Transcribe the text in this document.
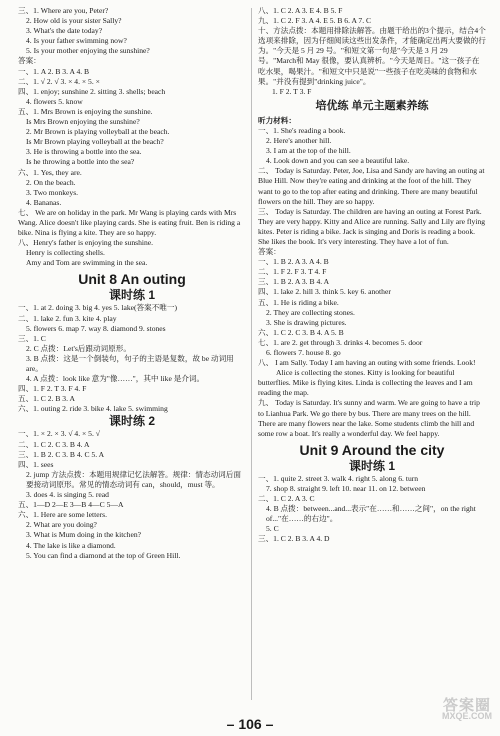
三、1. Where are you, Peter?
2. How old is your sister Sally?
3. What's the date today?
4. Is your father swimming now?
5. Is your mother enjoying the sunshine?
答案：
一、1. A 2. B 3. A 4. B
二、1. √ 2. √ 3. × 4. × 5. ×
四、1. enjoy; sunshine 2. sitting 3. shells; beach
4. flowers 5. know
五、1. Mrs Brown is enjoying the sunshine.
Is Mrs Brown enjoying the sunshine?
2. Mr Brown is playing volleyball at the beach.
Is Mr Brown playing volleyball at the beach?
3. He is throwing a bottle into the sea.
Is he throwing a bottle into the sea?
六、1. Yes, they are.
2. On the beach.
3. Two monkeys.
4. Bananas.
七、 We are on holiday in the park. Mr Wang is playing cards with Mrs Wang. Alice doesn't like playing cards. She is eating fruit. Ben is riding a bike. Nina is flying a kite. They are so happy.
八、Henry's father is enjoying the sunshine.
Henry is collecting shells.
Amy and Tom are swimming in the sea.
Unit 8 An outing
课时练 1
一、1. at 2. doing 3. big 4. yes 5. lake(答案不唯一)
二、1. lake 2. fun 3. kite 4. play
5. flowers 6. map 7. way 8. diamond 9. stones
三、1. C
2. C 点拨：Let's后跟动词原形。
3. B 点拨：这是一个倒装句，句子的主语是复数，故 be 动词用 are。
4. A 点拨：look like 意为"像……"，其中 like 是介词。
四、1. F 2. T 3. F 4. F
五、1. C 2. B 3. A
六、1. outing 2. ride 3. bike 4. lake 5. swimming
课时练 2
一、1. × 2. × 3. √ 4. × 5. √
二、1. C 2. C 3. B 4. A
三、1. B 2. C 3. B 4. C 5. A
四、1. sees
2. jump 方法点拨：本题用规律记忆法解答。规律：情态动词后面要接动词原形。常见的情态动词有 can，should，must 等。
3. does 4. is singing 5. read
五、1—D 2—E 3—B 4—C 5—A
六、1. Here are some letters.
2. What are you doing?
3. What is Mum doing in the kitchen?
4. The lake is like a diamond.
5. You can find a diamond at the top of Green Hill.
八、1. C 2. A 3. E 4. B 5. F
九、1. C 2. F 3. A 4. E 5. B 6. A 7. C
十、方法点拨：本题用排除法解答。由题干给出的3个提示，结合4个选项来排除，因为仔细阅读这些出发条件，才能确定出两大要做的行为。"今天是 5 月 29 号。"和短文第一句是"今天是 3 月 29 号。"March和 May 很像，要认真辨析。"今天是周日。"这一孩子在吃水果，喝果汁。"和短文中只是说"一些孩子在吃美味的食物和水果。"并没有提到"drinking juice"。
1. F 2. T 3. F
培优练 单元主题素养练
听力材料：
一、1. She's reading a book.
2. Here's another hill.
3. I am at the top of the hill.
4. Look down and you can see a beautiful lake.
二、 Today is Saturday. Peter, Joe, Lisa and Sandy are having an outing at Blue Hill. Now they're eating and drinking at the foot of the hill. They want to go to the top after eating and drinking. There are many beautiful flowers on the hill. They are so happy.
三、 Today is Saturday. The children are having an outing at Forest Park. They are very happy. Kitty and Alice are running. Sally and Lily are flying kites. Peter is riding a bike. Jack is singing and Doris is reading a book. She likes the book. It's very interesting. They have a lot of fun.
答案：
一、1. B 2. A 3. A 4. B
二、1. F 2. F 3. T 4. F
三、1. B 2. A 3. B 4. A
四、1. lake 2. hill 3. think 5. key 6. another
五、1. He is riding a bike.
2. They are collecting stones.
3. She is drawing pictures.
六、1. C 2. C 3. B 4. A 5. B
七、1. are 2. get through 3. drinks 4. becomes 5. door
6. flowers 7. house 8. go
八、 I am Sally. Today I am having an outing with some friends. Look!
Alice is collecting the stones. Kitty is looking for beautiful butterflies. Mike is flying kites. Linda is collecting the leaves and I am reading the map.
九、 Today is Saturday. It's sunny and warm. We are going to have a trip to Lianhua Park. We go there by bus. There are many trees on the hill. There are many flowers near the lake. Some students climb the hill and some row a boat. It's really a wonderful day. We feel happy.
Unit 9 Around the city
课时练 1
一、1. quite 2. street 3. walk 4. right 5. along 6. turn
7. shop 8. straight 9. left 10. near 11. on 12. between
二、1. C 2. A 3. C
4. B 点拨：between...and...表示"在……和……之间"，on the right of..."在……的右边"。
5. C
三、1. C 2. B 3. A 4. D
– 106 –
答案圈
MXQE.COM
